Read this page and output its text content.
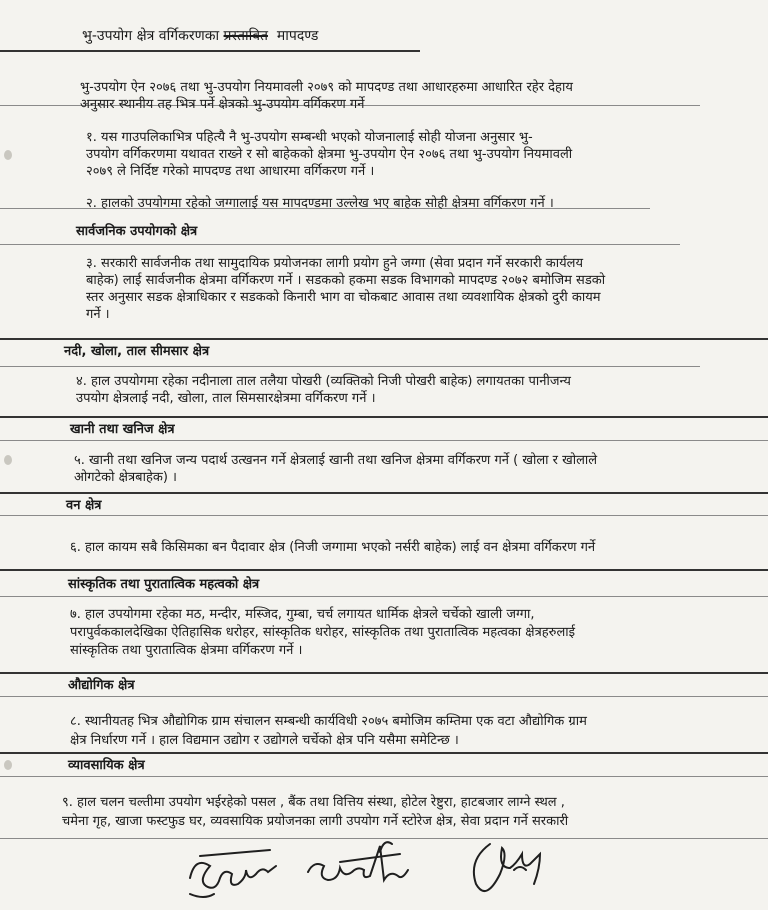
भु-उपयोग क्षेत्र वर्गिकरणका प्रस्तावित मापदण्ड
भु-उपयोग ऐन २०७६ तथा भु-उपयोग नियमावली २०७९ को मापदण्ड तथा आधारहरुमा आधारित रहेर देहाय
अनुसार स्थानीय तह भित्र पर्ने क्षेत्रको भु-उपयोग वर्गिकरण गर्ने
१. यस गाउपलिकाभित्र पहित्यै नै भु-उपयोग सम्बन्धी भएको योजनालाई सोही योजना अनुसार भु-
उपयोग वर्गिकरणमा यथावत राख्ने र सो बाहेकको क्षेत्रमा भु-उपयोग ऐन २०७६ तथा भु-उपयोग नियमावली
२०७९ ले निर्दिष्ट गरेको मापदण्ड तथा आधारमा वर्गिकरण गर्ने ।
२. हालको उपयोगमा रहेको जग्गालाई यस मापदण्डमा उल्लेख भए बाहेक सोही क्षेत्रमा वर्गिकरण गर्ने ।
सार्वजनिक उपयोगको क्षेत्र
३. सरकारी सार्वजनीक तथा सामुदायिक प्रयोजनका लागी प्रयोग हुने जग्गा (सेवा प्रदान गर्ने सरकारी कार्यलय
बाहेक) लाई सार्वजनीक क्षेत्रमा वर्गिकरण गर्ने । सडकको हकमा सडक विभागको मापदण्ड २०७२ बमोजिम सडको
स्तर अनुसार सडक क्षेत्राधिकार र सडकको किनारी भाग वा चोकबाट आवास तथा व्यवशायिक क्षेत्रको दुरी कायम
गर्ने ।
नदी, खोला, ताल सीमसार क्षेत्र
४. हाल उपयोगमा रहेका नदीनाला ताल तलैया पोखरी (व्यक्तिको निजी पोखरी बाहेक) लगायतका पानीजन्य
उपयोग क्षेत्रलाई नदी, खोला, ताल सिमसारक्षेत्रमा वर्गिकरण गर्ने ।
खानी तथा खनिज क्षेत्र
५. खानी तथा खनिज जन्य पदार्थ उत्खनन गर्ने क्षेत्रलाई खानी तथा खनिज क्षेत्रमा वर्गिकरण गर्ने ( खोला र खोलाले
ओगटेको क्षेत्रबाहेक) ।
वन क्षेत्र
६. हाल कायम सबै किसिमका बन पैदावार क्षेत्र (निजी जग्गामा भएको नर्सरी बाहेक) लाई वन क्षेत्रमा वर्गिकरण गर्ने
सांस्कृतिक तथा पुरातात्विक महत्वको क्षेत्र
७. हाल उपयोगमा रहेका मठ, मन्दीर, मस्जिद, गुम्बा, चर्च लगायत धार्मिक क्षेत्रले चर्चेको खाली जग्गा,
परापुर्वककालदेखिका ऐतिहासिक धरोहर, सांस्कृतिक धरोहर, सांस्कृतिक तथा पुरातात्विक महत्वका क्षेत्रहरुलाई
सांस्कृतिक तथा पुरातात्विक क्षेत्रमा वर्गिकरण गर्ने ।
औद्योगिक क्षेत्र
८. स्थानीयतह भित्र औद्योगिक ग्राम संचालन सम्बन्धी कार्यविधी २०७५ बमोजिम कम्तिमा एक वटा औद्योगिक ग्राम
क्षेत्र निर्धारण गर्ने । हाल विद्यमान उद्योग र उद्योगले चर्चेको क्षेत्र पनि यसैमा समेटिन्छ ।
व्यावसायिक क्षेत्र
९. हाल चलन चल्तीमा उपयोग भईरहेको पसल , बैंक तथा वित्तिय संस्था, होटेल रेष्टुरा, हाटबजार लाग्ने स्थल ,
चमेना गृह, खाजा फस्टफुड घर, व्यवसायिक प्रयोजनका लागी उपयोग गर्ने स्टोरेज क्षेत्र, सेवा प्रदान गर्ने सरकारी
